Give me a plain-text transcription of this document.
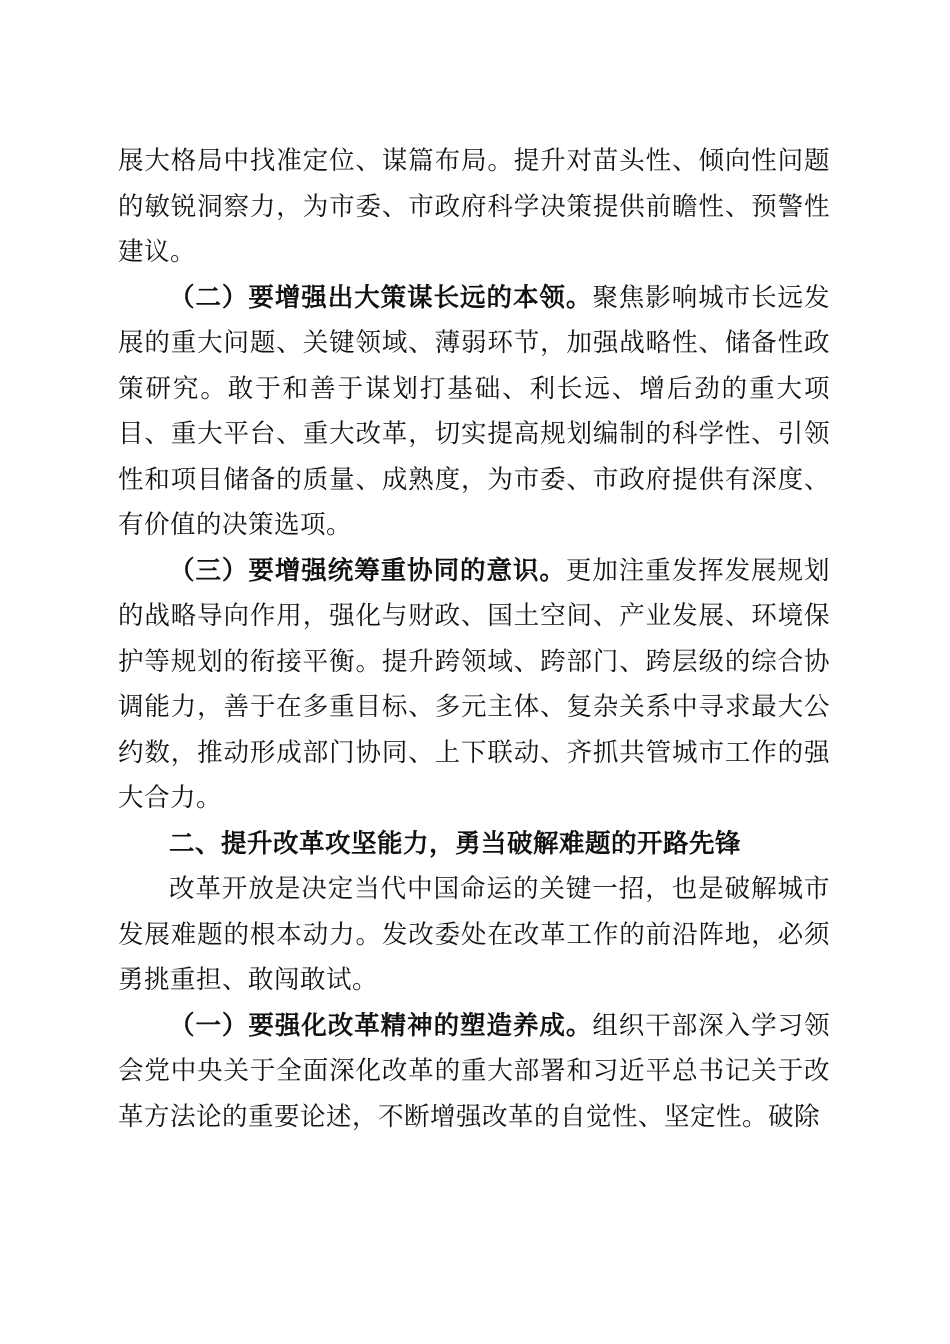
展大格局中找准定位、谋篇布局。提升对苗头性、倾向性问题的敏锐洞察力，为市委、市政府科学决策提供前瞻性、预警性建议。

（二）要增强出大策谋长远的本领。聚焦影响城市长远发展的重大问题、关键领域、薄弱环节，加强战略性、储备性政策研究。敢于和善于谋划打基础、利长远、增后劲的重大项目、重大平台、重大改革，切实提高规划编制的科学性、引领性和项目储备的质量、成熟度，为市委、市政府提供有深度、有价值的决策选项。

（三）要增强统筹重协同的意识。更加注重发挥发展规划的战略导向作用，强化与财政、国土空间、产业发展、环境保护等规划的衔接平衡。提升跨领域、跨部门、跨层级的综合协调能力，善于在多重目标、多元主体、复杂关系中寻求最大公约数，推动形成部门协同、上下联动、齐抓共管城市工作的强大合力。

二、提升改革攻坚能力，勇当破解难题的开路先锋

改革开放是决定当代中国命运的关键一招，也是破解城市发展难题的根本动力。发改委处在改革工作的前沿阵地，必须勇挑重担、敢闯敢试。

（一）要强化改革精神的塑造养成。组织干部深入学习领会党中央关于全面深化改革的重大部署和习近平总书记关于改革方法论的重要论述，不断增强改革的自觉性、坚定性。破除
